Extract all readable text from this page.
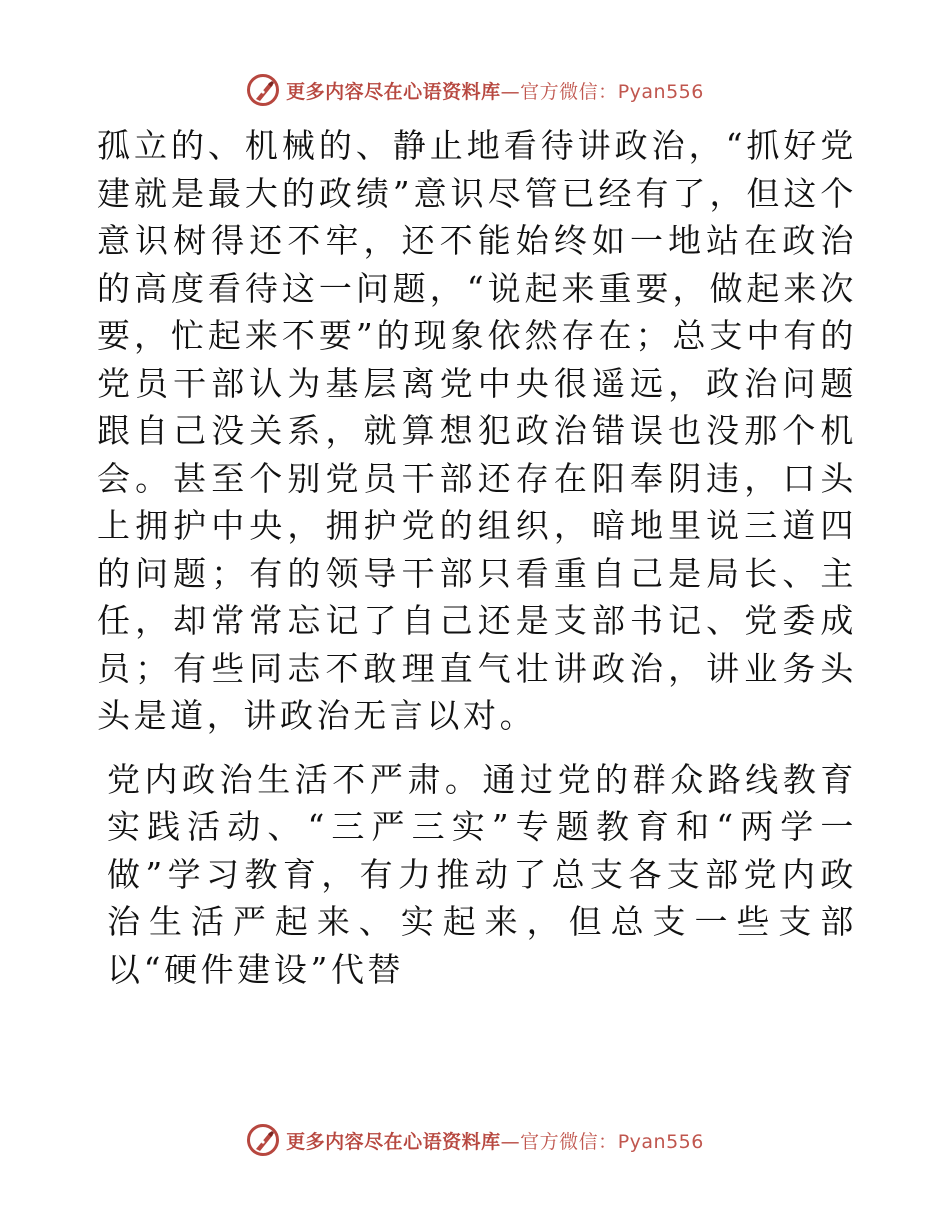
更多内容尽在心语资料库—官方微信：Pyan556

孤立的、机械的、静止地看待讲政治，“抓好党建就是最大的政绩”意识尽管已经有了，但这个意识树得还不牢，还不能始终如一地站在政治的高度看待这一问题，“说起来重要，做起来次要，忙起来不要”的现象依然存在；总支中有的党员干部认为基层离党中央很遥远，政治问题跟自己没关系，就算想犯政治错误也没那个机会。甚至个别党员干部还存在阳奉阴违，口头上拥护中央，拥护党的组织，暗地里说三道四的问题；有的领导干部只看重自己是局长、主任，却常常忘记了自己还是支部书记、党委成员；有些同志不敢理直气壮讲政治，讲业务头头是道，讲政治无言以对。

党内政治生活不严肃。通过党的群众路线教育实践活动、“三严三实”专题教育和“两学一做”学习教育，有力推动了总支各支部党内政治生活严起来、实起来，但总支一些支部以“硬件建设”代替

更多内容尽在心语资料库—官方微信：Pyan556
